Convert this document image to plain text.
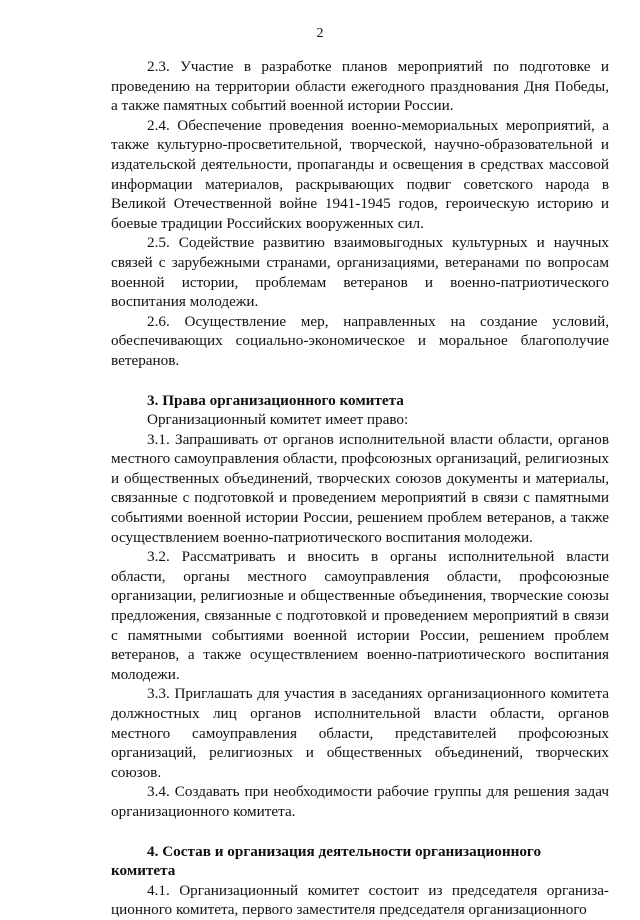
2

2.3. Участие в разработке планов мероприятий по подготовке и проведению на территории области ежегодного празднования Дня Победы, а также памятных событий военной истории России.

2.4. Обеспечение проведения военно-мемориальных мероприятий, а также культурно-просветительной, творческой, научно-образовательной и издательской деятельности, пропаганды и освещения в средствах массовой информации материалов, раскрывающих подвиг советского народа в Великой Отечественной войне 1941-1945 годов, героическую историю и боевые традиции Российских вооруженных сил.

2.5. Содействие развитию взаимовыгодных культурных и научных связей с зарубежными странами, организациями, ветеранами по вопросам военной истории, проблемам ветеранов и военно-патриотического воспитания молодежи.

2.6. Осуществление мер, направленных на создание условий, обеспечивающих социально-экономическое и моральное благополучие ветеранов.

3. Права организационного комитета

Организационный комитет имеет право:

3.1. Запрашивать от органов исполнительной власти области, органов местного самоуправления области, профсоюзных организаций, религиозных и общественных объединений, творческих союзов документы и материалы, связанные с подготовкой и проведением мероприятий в связи с памятными событиями военной истории России, решением проблем ветеранов, а также осуществлением военно-патриотического воспитания молодежи.

3.2. Рассматривать и вносить в органы исполнительной власти области, органы местного самоуправления области, профсоюзные организации, религиозные и общественные объединения, творческие союзы предложения, связанные с подготовкой и проведением мероприятий в связи с памятными событиями военной истории России, решением проблем ветеранов, а также осуществлением военно-патриотического воспитания молодежи.

3.3. Приглашать для участия в заседаниях организационного комитета должностных лиц органов исполнительной власти области, органов местного самоуправления области, представителей профсоюзных организаций, религиозных и общественных объединений, творческих союзов.

3.4. Создавать при необходимости рабочие группы для решения задач организационного комитета.

4. Состав и организация деятельности организационного комитета

4.1. Организационный комитет состоит из председателя организа-ционного комитета, первого заместителя председателя организационного
